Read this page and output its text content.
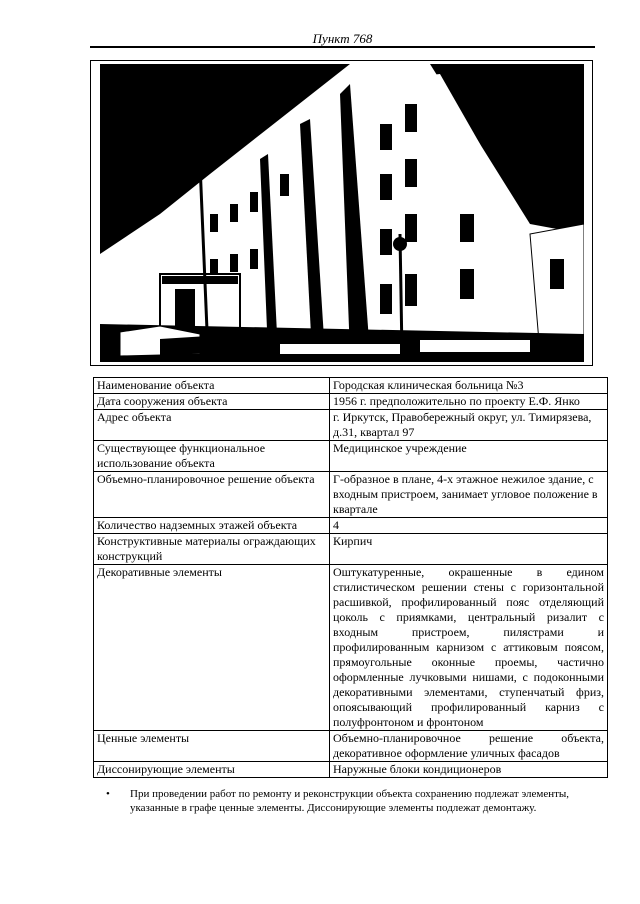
Пункт 768
Наименование объекта	Городская клиническая больница №3
Дата сооружения объекта	1956 г. предположительно по проекту Е.Ф. Янко
Адрес объекта	г. Иркутск, Правобережный округ, ул. Тимирязева, д.31, квартал 97
Существующее функциональное использование объекта	Медицинское учреждение
Объемно-планировочное решение объекта	Г-образное в плане, 4-х этажное нежилое здание, с входным пристроем, занимает угловое положение в квартале
Количество надземных этажей объекта	4
Конструктивные материалы ограждающих конструкций	Кирпич
Декоративные элементы	Оштукатуренные, окрашенные в едином стилистическом решении стены с горизонтальной расшивкой, профилированный пояс отделяющий цоколь с приямками, центральный ризалит с входным пристроем, пилястрами и профилированным карнизом с аттиковым поясом, прямоугольные оконные проемы, частично оформленные лучковыми нишами, с подоконными декоративными элементами, ступенчатый фриз, опоясывающий профилированный карниз с полуфронтоном и фронтоном
Ценные элементы	Объемно-планировочное решение объекта, декоративное оформление уличных фасадов
Диссонирующие элементы	Наружные блоки кондиционеров
•	При проведении работ по ремонту и реконструкции объекта сохранению подлежат элементы, указанные в графе ценные элементы. Диссонирующие элементы подлежат демонтажу.
